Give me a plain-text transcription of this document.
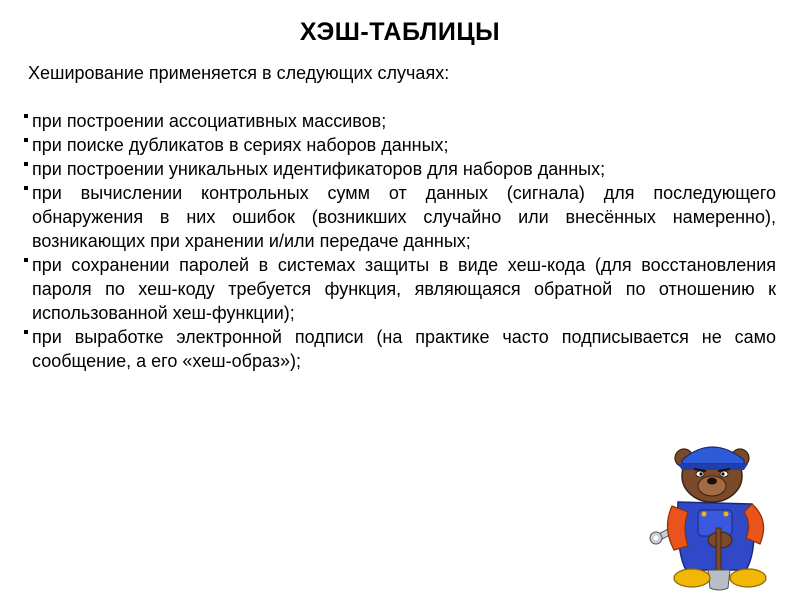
ХЭШ-ТАБЛИЦЫ
Хеширование применяется в следующих случаях:
при построении ассоциативных массивов;
при поиске дубликатов в сериях наборов данных;
при построении уникальных идентификаторов для наборов данных;
при вычислении контрольных сумм от данных (сигнала) для последующего обнаружения в них ошибок (возникших случайно или внесённых намеренно), возникающих при хранении и/или передаче данных;
при сохранении паролей в системах защиты в виде хеш-кода (для восстановления пароля по хеш-коду требуется функция, являющаяся обратной по отношению к использованной хеш-функции);
при выработке электронной подписи (на практике часто подписывается не само сообщение, а его «хеш-образ»);
